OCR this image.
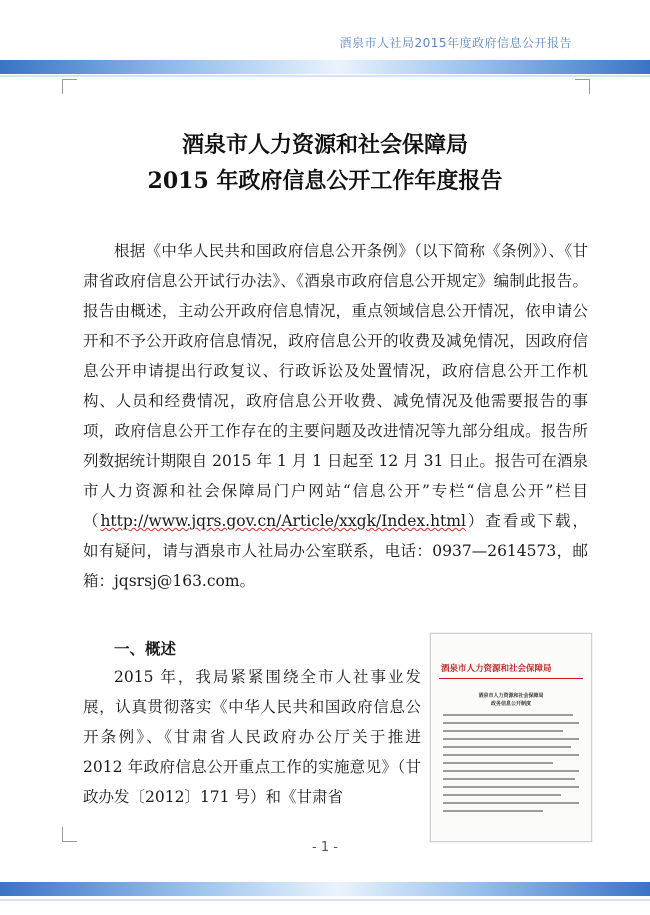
酒泉市人社局2015年度政府信息公开报告
酒泉市人力资源和社会保障局
2015 年政府信息公开工作年度报告

根据《中华人民共和国政府信息公开条例》（以下简称《条例》）、《甘肃省政府信息公开试行办法》、《酒泉市政府信息公开规定》编制此报告。报告由概述，主动公开政府信息情况，重点领域信息公开情况，依申请公开和不予公开政府信息情况，政府信息公开的收费及减免情况，因政府信息公开申请提出行政复议、行政诉讼及处置情况，政府信息公开工作机构、人员和经费情况，政府信息公开收费、减免情况及他需要报告的事项，政府信息公开工作存在的主要问题及改进情况等九部分组成。报告所列数据统计期限自 2015 年 1 月 1 日起至 12 月 31 日止。报告可在酒泉市人力资源和社会保障局门户网站“信息公开”专栏“信息公开”栏目（http://www.jqrs.gov.cn/Article/xxgk/Index.html）查看或下载，如有疑问，请与酒泉市人社局办公室联系，电话：0937—2614573，邮箱：jqsrsj@163.com。

一、概述

2015 年，我局紧紧围绕全市人社事业发展，认真贯彻落实《中华人民共和国政府信息公开条例》、《甘肃省人民政府办公厅关于推进 2012 年政府信息公开重点工作的实施意见》（甘政办发〔2012〕171 号）和《甘肃省

酒泉市人力资源和社会保障局
酒泉市人力资源和社会保障局
政务信息公开制度
- 1 -
